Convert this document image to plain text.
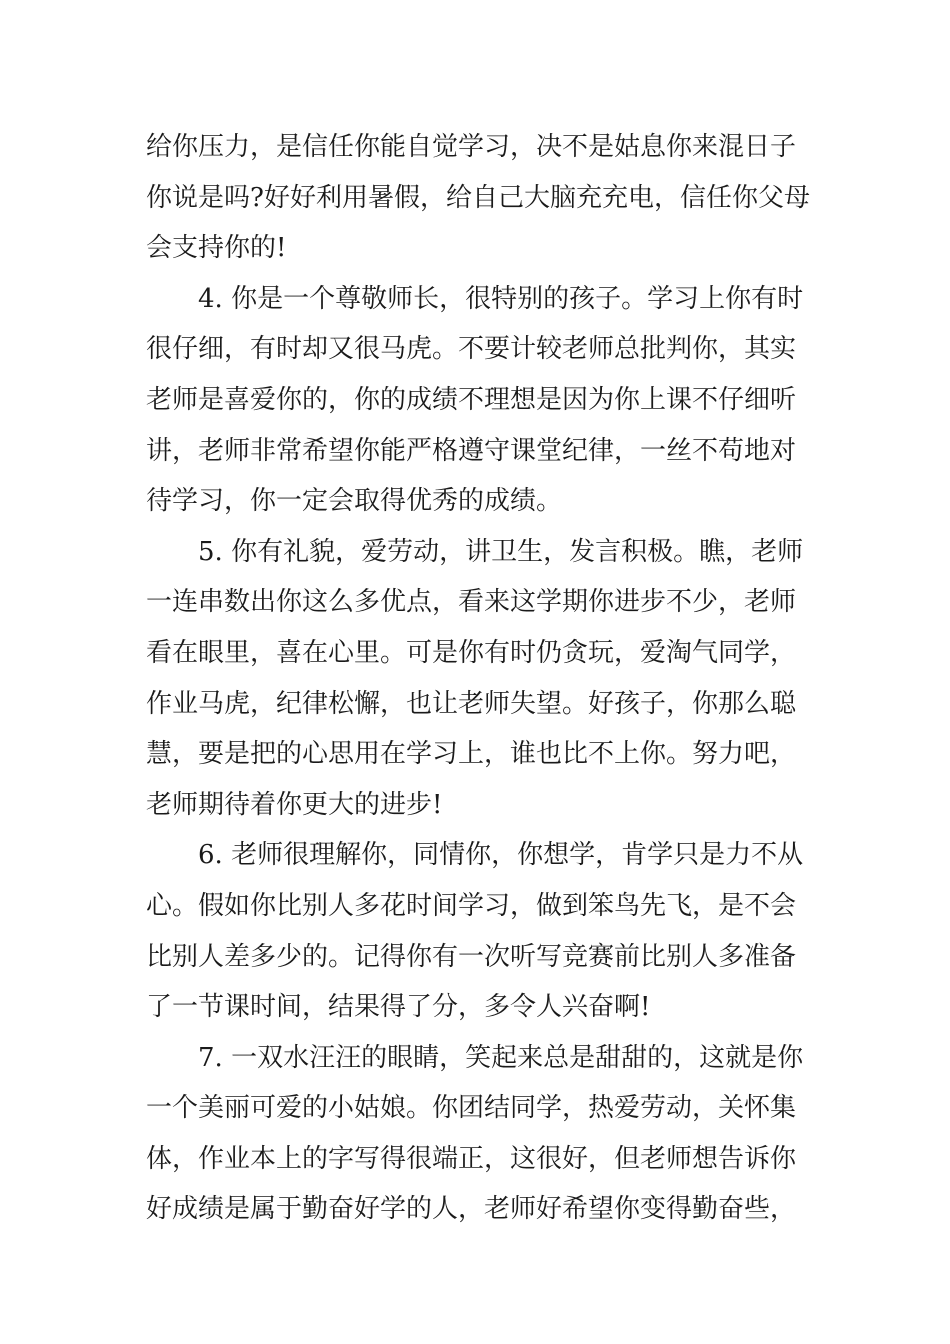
给你压力，是信任你能自觉学习，决不是姑息你来混日子
你说是吗?好好利用暑假，给自己大脑充充电，信任你父母
会支持你的!
4. 你是一个尊敬师长，很特别的孩子。学习上你有时
很仔细，有时却又很马虎。不要计较老师总批判你，其实
老师是喜爱你的，你的成绩不理想是因为你上课不仔细听
讲，老师非常希望你能严格遵守课堂纪律，一丝不苟地对
待学习，你一定会取得优秀的成绩。
5. 你有礼貌，爱劳动，讲卫生，发言积极。瞧，老师
一连串数出你这么多优点，看来这学期你进步不少，老师
看在眼里，喜在心里。可是你有时仍贪玩，爱淘气同学，
作业马虎，纪律松懈，也让老师失望。好孩子，你那么聪
慧，要是把的心思用在学习上，谁也比不上你。努力吧，
老师期待着你更大的进步!
6. 老师很理解你，同情你，你想学，肯学只是力不从
心。假如你比别人多花时间学习，做到笨鸟先飞，是不会
比别人差多少的。记得你有一次听写竞赛前比别人多准备
了一节课时间，结果得了分，多令人兴奋啊!
7. 一双水汪汪的眼睛，笑起来总是甜甜的，这就是你
一个美丽可爱的小姑娘。你团结同学，热爱劳动，关怀集
体，作业本上的字写得很端正，这很好，但老师想告诉你
好成绩是属于勤奋好学的人，老师好希望你变得勤奋些，
